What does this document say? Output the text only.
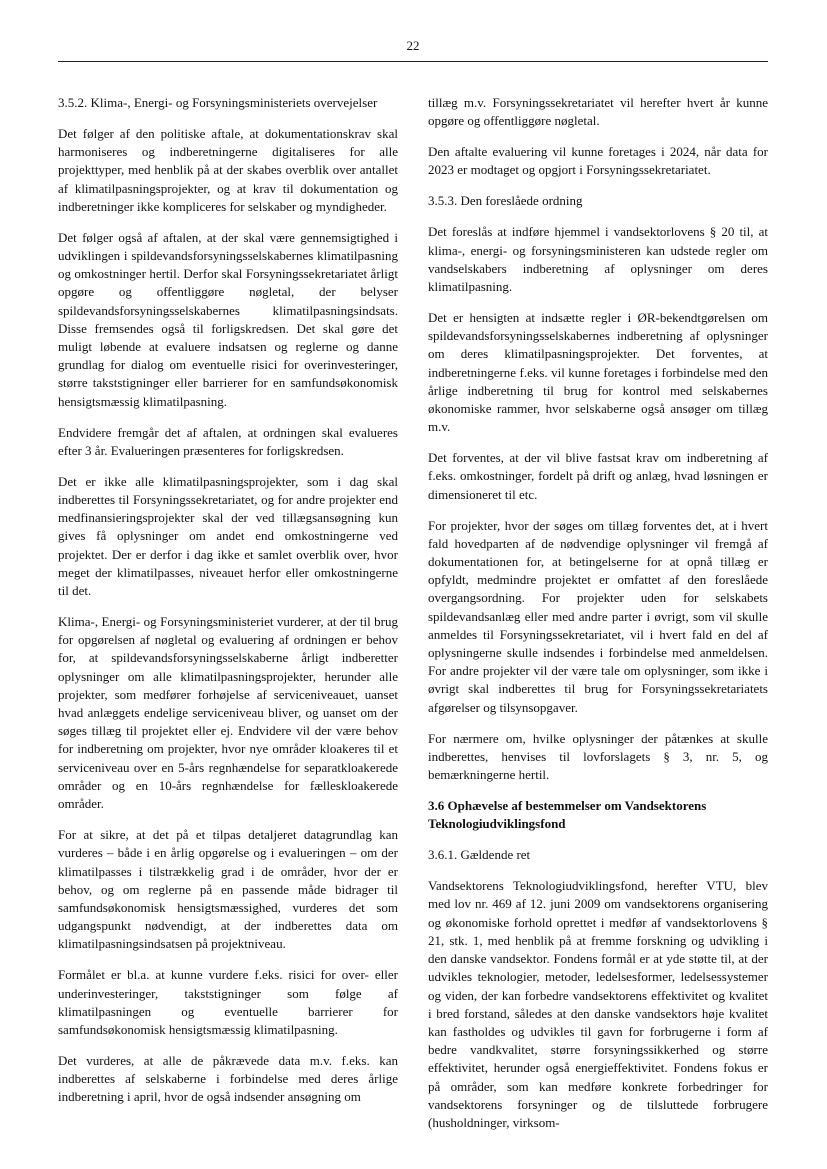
22

3.5.2. Klima-, Energi- og Forsyningsministeriets overvejelser

Det følger af den politiske aftale, at dokumentationskrav skal harmoniseres og indberetningerne digitaliseres for alle projekttyper, med henblik på at der skabes overblik over antallet af klimatilpasningsprojekter, og at krav til dokumentation og indberetninger ikke kompliceres for selskaber og myndigheder.

Det følger også af aftalen, at der skal være gennemsigtighed i udviklingen i spildevandsforsyningsselskabernes klimatilpasning og omkostninger hertil. Derfor skal Forsyningssekretariatet årligt opgøre og offentliggøre nøgletal, der belyser spildevandsforsyningsselskabernes klimatilpasningsindsats. Disse fremsendes også til forligskredsen. Det skal gøre det muligt løbende at evaluere indsatsen og reglerne og danne grundlag for dialog om eventuelle risici for overinvesteringer, større takststigninger eller barrierer for en samfundsøkonomisk hensigtsmæssig klimatilpasning.

Endvidere fremgår det af aftalen, at ordningen skal evalueres efter 3 år. Evalueringen præsenteres for forligskredsen.

Det er ikke alle klimatilpasningsprojekter, som i dag skal indberettes til Forsyningssekretariatet, og for andre projekter end medfinansieringsprojekter skal der ved tillægsansøgning kun gives få oplysninger om andet end omkostningerne ved projektet. Der er derfor i dag ikke et samlet overblik over, hvor meget der klimatilpasses, niveauet herfor eller omkostningerne til det.

Klima-, Energi- og Forsyningsministeriet vurderer, at der til brug for opgørelsen af nøgletal og evaluering af ordningen er behov for, at spildevandsforsyningsselskaberne årligt indberetter oplysninger om alle klimatilpasningsprojekter, herunder alle projekter, som medfører forhøjelse af serviceniveauet, uanset hvad anlæggets endelige serviceniveau bliver, og uanset om der søges tillæg til projektet eller ej. Endvidere vil der være behov for indberetning om projekter, hvor nye områder kloakeres til et serviceniveau over en 5-års regnhændelse for separatkloakerede områder og en 10-års regnhændelse for fælleskloakerede områder.

For at sikre, at det på et tilpas detaljeret datagrundlag kan vurderes – både i en årlig opgørelse og i evalueringen – om der klimatilpasses i tilstrækkelig grad i de områder, hvor der er behov, og om reglerne på en passende måde bidrager til samfundsøkonomisk hensigtsmæssighed, vurderes det som udgangspunkt nødvendigt, at der indberettes data om klimatilpasningsindsatsen på projektniveau.

Formålet er bl.a. at kunne vurdere f.eks. risici for over- eller underinvesteringer, takststigninger som følge af klimatilpasningen og eventuelle barrierer for samfundsøkonomisk hensigtsmæssig klimatilpasning.

Det vurderes, at alle de påkrævede data m.v. f.eks. kan indberettes af selskaberne i forbindelse med deres årlige indberetning i april, hvor de også indsender ansøgning om

tillæg m.v. Forsyningssekretariatet vil herefter hvert år kunne opgøre og offentliggøre nøgletal.

Den aftalte evaluering vil kunne foretages i 2024, når data for 2023 er modtaget og opgjort i Forsyningssekretariatet.

3.5.3. Den foreslåede ordning

Det foreslås at indføre hjemmel i vandsektorlovens § 20 til, at klima-, energi- og forsyningsministeren kan udstede regler om vandselskabers indberetning af oplysninger om deres klimatilpasning.

Det er hensigten at indsætte regler i ØR-bekendtgørelsen om spildevandsforsyningsselskabernes indberetning af oplysninger om deres klimatilpasningsprojekter. Det forventes, at indberetningerne f.eks. vil kunne foretages i forbindelse med den årlige indberetning til brug for kontrol med selskabernes økonomiske rammer, hvor selskaberne også ansøger om tillæg m.v.

Det forventes, at der vil blive fastsat krav om indberetning af f.eks. omkostninger, fordelt på drift og anlæg, hvad løsningen er dimensioneret til etc.

For projekter, hvor der søges om tillæg forventes det, at i hvert fald hovedparten af de nødvendige oplysninger vil fremgå af dokumentationen for, at betingelserne for at opnå tillæg er opfyldt, medmindre projektet er omfattet af den foreslåede overgangsordning. For projekter uden for selskabets spildevandsanlæg eller med andre parter i øvrigt, som vil skulle anmeldes til Forsyningssekretariatet, vil i hvert fald en del af oplysningerne skulle indsendes i forbindelse med anmeldelsen. For andre projekter vil der være tale om oplysninger, som ikke i øvrigt skal indberettes til brug for Forsyningssekretariatets afgørelser og tilsynsopgaver.

For nærmere om, hvilke oplysninger der påtænkes at skulle indberettes, henvises til lovforslagets § 3, nr. 5, og bemærkningerne hertil.

3.6 Ophævelse af bestemmelser om Vandsektorens Teknologiudviklingsfond

3.6.1. Gældende ret

Vandsektorens Teknologiudviklingsfond, herefter VTU, blev med lov nr. 469 af 12. juni 2009 om vandsektorens organisering og økonomiske forhold oprettet i medfør af vandsektorlovens § 21, stk. 1, med henblik på at fremme forskning og udvikling i den danske vandsektor. Fondens formål er at yde støtte til, at der udvikles teknologier, metoder, ledelsesformer, ledelsessystemer og viden, der kan forbedre vandsektorens effektivitet og kvalitet i bred forstand, således at den danske vandsektors høje kvalitet kan fastholdes og udvikles til gavn for forbrugerne i form af bedre vandkvalitet, større forsyningssikkerhed og større effektivitet, herunder også energieffektivitet. Fondens fokus er på områder, som kan medføre konkrete forbedringer for vandsektorens forsyninger og de tilsluttede forbrugere (husholdninger, virksom-
